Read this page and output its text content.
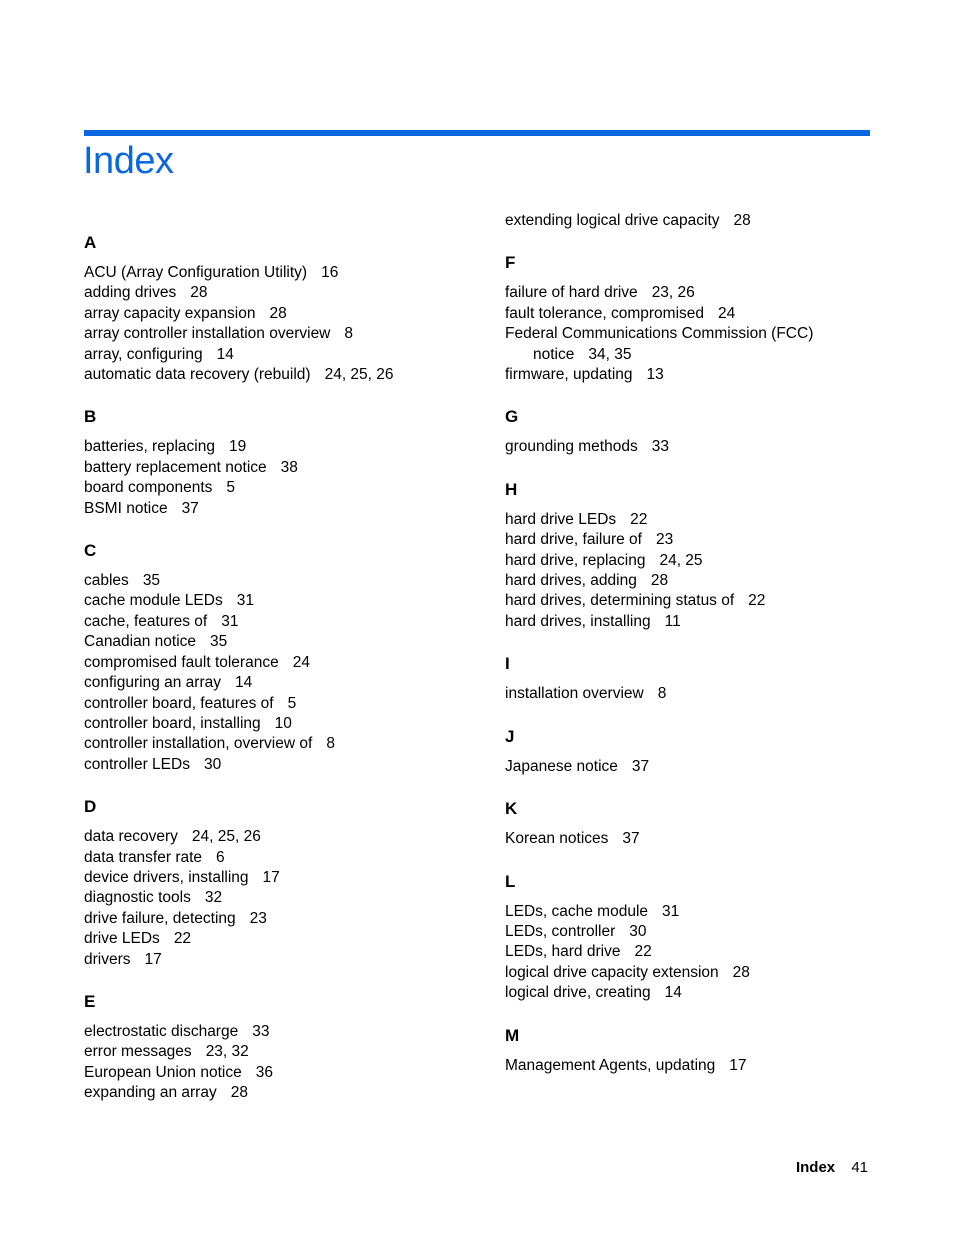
Index
A
ACU (Array Configuration Utility) 16
adding drives 28
array capacity expansion 28
array controller installation overview 8
array, configuring 14
automatic data recovery (rebuild) 24, 25, 26
B
batteries, replacing 19
battery replacement notice 38
board components 5
BSMI notice 37
C
cables 35
cache module LEDs 31
cache, features of 31
Canadian notice 35
compromised fault tolerance 24
configuring an array 14
controller board, features of 5
controller board, installing 10
controller installation, overview of 8
controller LEDs 30
D
data recovery 24, 25, 26
data transfer rate 6
device drivers, installing 17
diagnostic tools 32
drive failure, detecting 23
drive LEDs 22
drivers 17
E
electrostatic discharge 33
error messages 23, 32
European Union notice 36
expanding an array 28
extending logical drive capacity 28
F
failure of hard drive 23, 26
fault tolerance, compromised 24
Federal Communications Commission (FCC) notice 34, 35
firmware, updating 13
G
grounding methods 33
H
hard drive LEDs 22
hard drive, failure of 23
hard drive, replacing 24, 25
hard drives, adding 28
hard drives, determining status of 22
hard drives, installing 11
I
installation overview 8
J
Japanese notice 37
K
Korean notices 37
L
LEDs, cache module 31
LEDs, controller 30
LEDs, hard drive 22
logical drive capacity extension 28
logical drive, creating 14
M
Management Agents, updating 17
Index 41
